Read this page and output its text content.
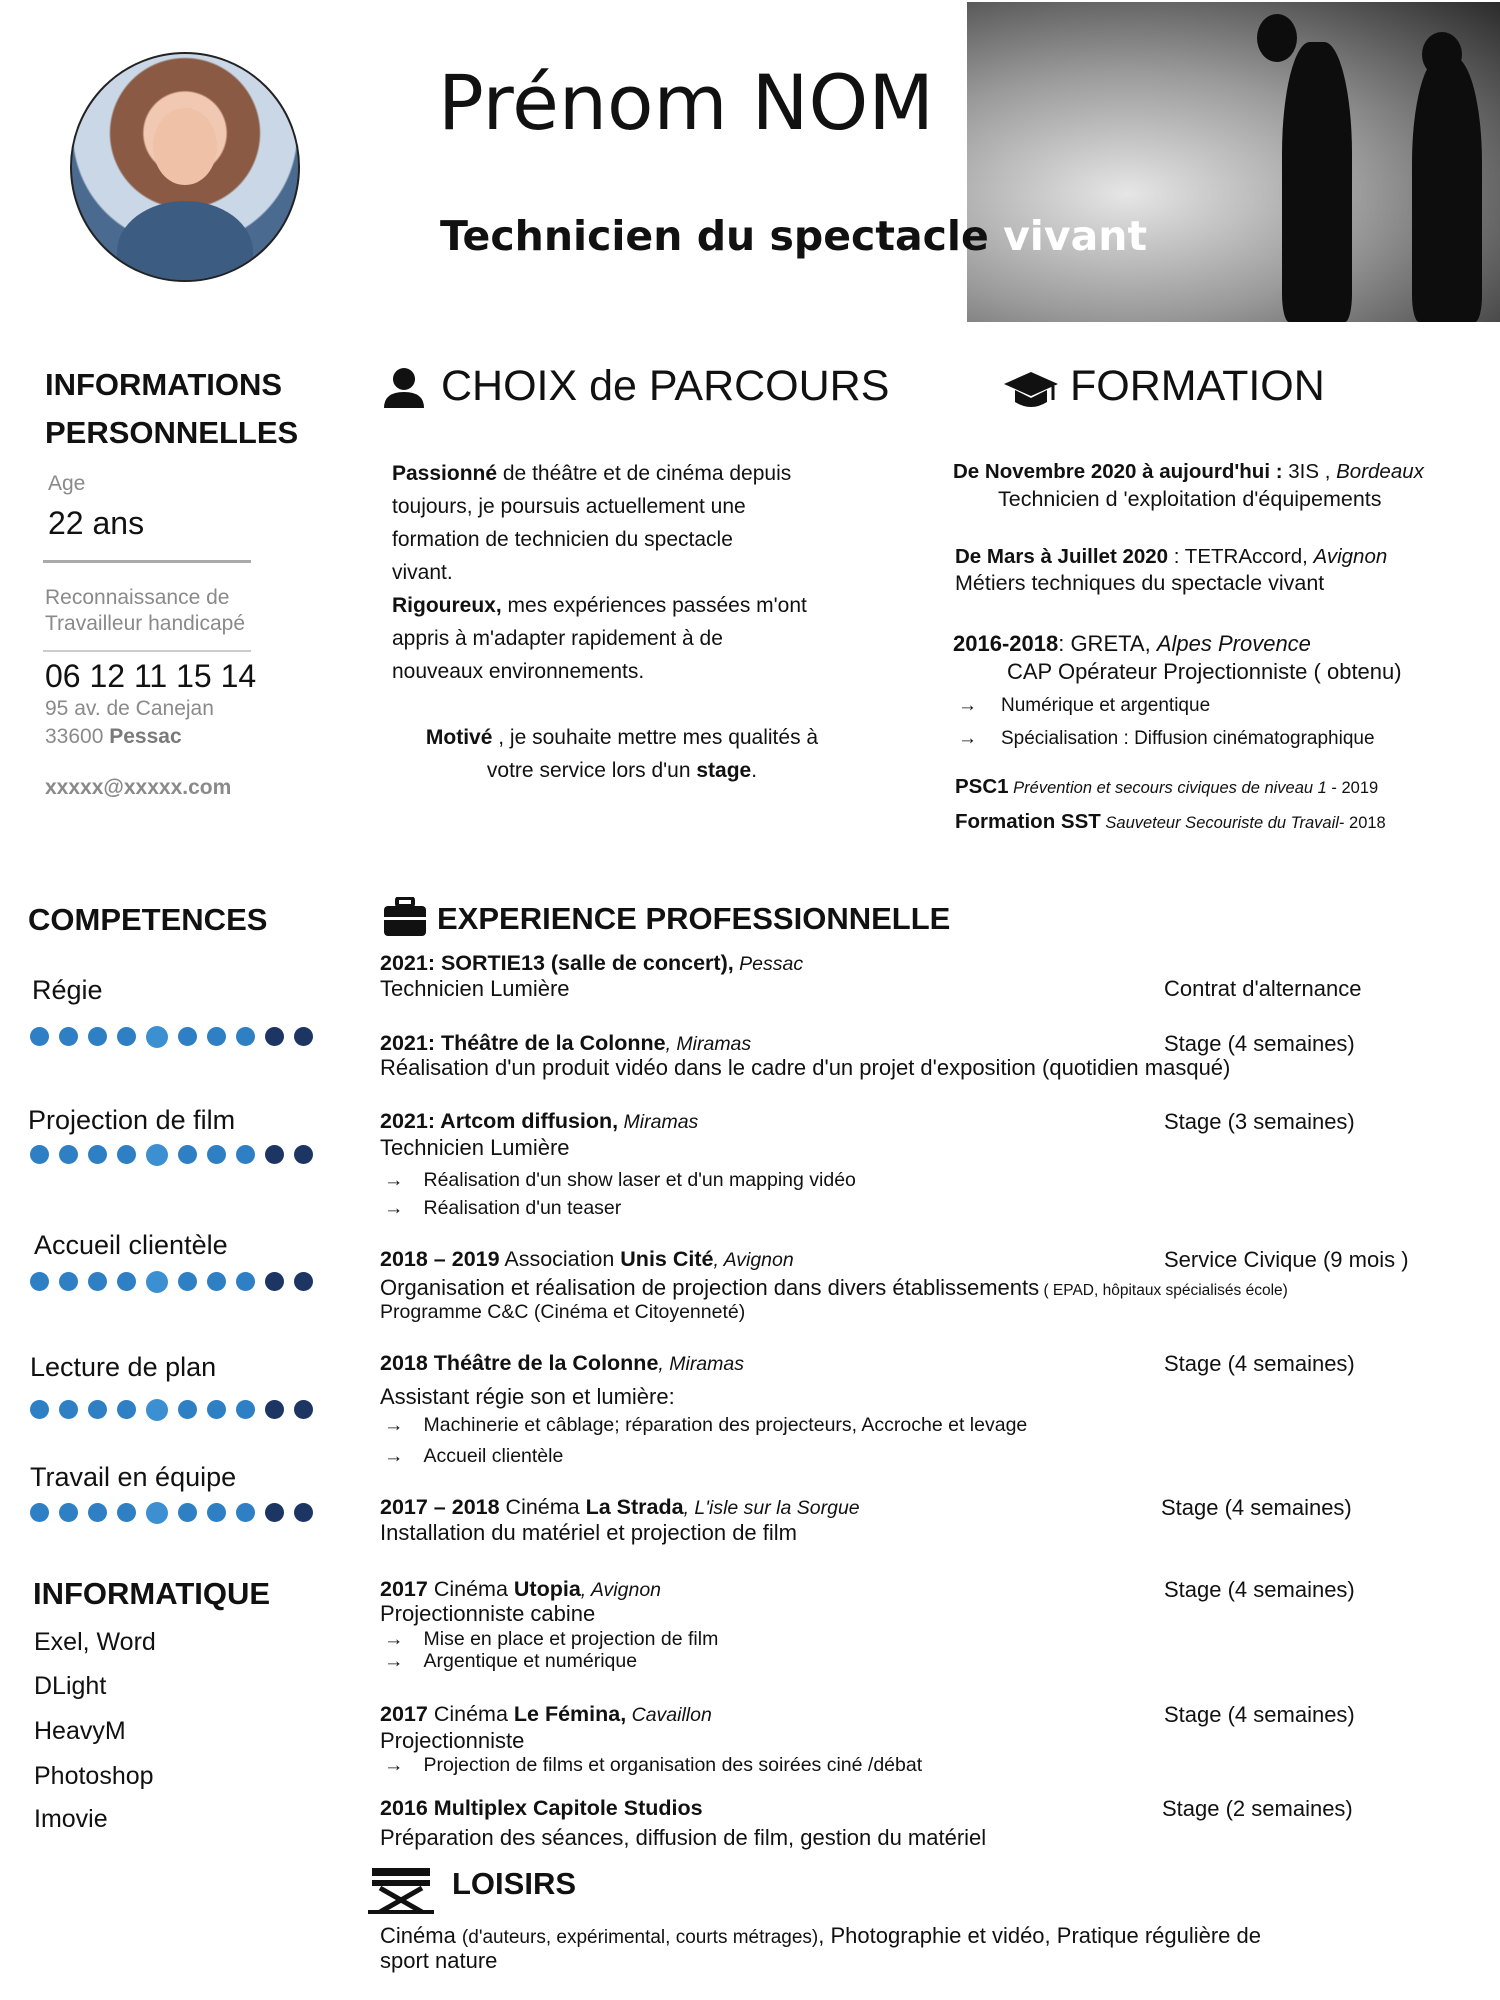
Prénom NOM
Technicien du spectacle vivant
INFORMATIONS
PERSONNELLES
Age
22 ans
Reconnaissance de
Travailleur handicapé
06 12 11 15 14
95 av. de Canejan
33600 Pessac
xxxxx@xxxxx.com
CHOIX de PARCOURS
Passionné de théâtre et de cinéma depuis
toujours, je poursuis actuellement une
formation de technicien du spectacle
vivant.
Rigoureux, mes expériences passées m'ont
appris à m'adapter rapidement à de
nouveaux environnements.
Motivé , je souhaite mettre mes qualités à
votre service lors d'un stage.
FORMATION
De Novembre 2020 à aujourd'hui : 3IS , Bordeaux
Technicien d 'exploitation d'équipements
De Mars à Juillet 2020 : TETRAccord, Avignon
Métiers techniques du spectacle vivant
2016-2018: GRETA, Alpes Provence
CAP Opérateur Projectionniste ( obtenu)
→ Numérique et argentique
→ Spécialisation : Diffusion cinématographique
PSC1 Prévention et secours civiques de niveau 1 - 2019
Formation SST Sauveteur Secouriste du Travail- 2018
COMPETENCES
Régie
Projection de film
Accueil clientèle
Lecture de plan
Travail en équipe
INFORMATIQUE
Exel, Word
DLight
HeavyM
Photoshop
Imovie
EXPERIENCE PROFESSIONNELLE
2021: SORTIE13 (salle de concert), Pessac
Technicien Lumière	Contrat d'alternance
2021: Théâtre de la Colonne, Miramas	Stage (4 semaines)
Réalisation d'un produit vidéo dans le cadre d'un projet d'exposition (quotidien masqué)
2021: Artcom diffusion, Miramas	Stage (3 semaines)
Technicien Lumière
→ Réalisation d'un show laser et d'un mapping vidéo
→ Réalisation d'un teaser
2018 – 2019 Association Unis Cité, Avignon	Service Civique (9 mois )
Organisation et réalisation de projection dans divers établissements ( EPAD, hôpitaux spécialisés école)
Programme C&C (Cinéma et Citoyenneté)
2018 Théâtre de la Colonne, Miramas	Stage (4 semaines)
Assistant régie son et lumière:
→ Machinerie et câblage; réparation des projecteurs, Accroche et levage
→ Accueil clientèle
2017 – 2018 Cinéma La Strada, L'isle sur la Sorgue	Stage (4 semaines)
Installation du matériel et projection de film
2017 Cinéma Utopia, Avignon	Stage (4 semaines)
Projectionniste cabine
→ Mise en place et projection de film
→ Argentique et numérique
2017 Cinéma Le Fémina, Cavaillon	Stage (4 semaines)
Projectionniste
→ Projection de films et organisation des soirées ciné /débat
2016 Multiplex Capitole Studios	Stage (2 semaines)
Préparation des séances, diffusion de film, gestion du matériel
LOISIRS
Cinéma (d'auteurs, expérimental, courts métrages), Photographie et vidéo, Pratique régulière de
sport nature
